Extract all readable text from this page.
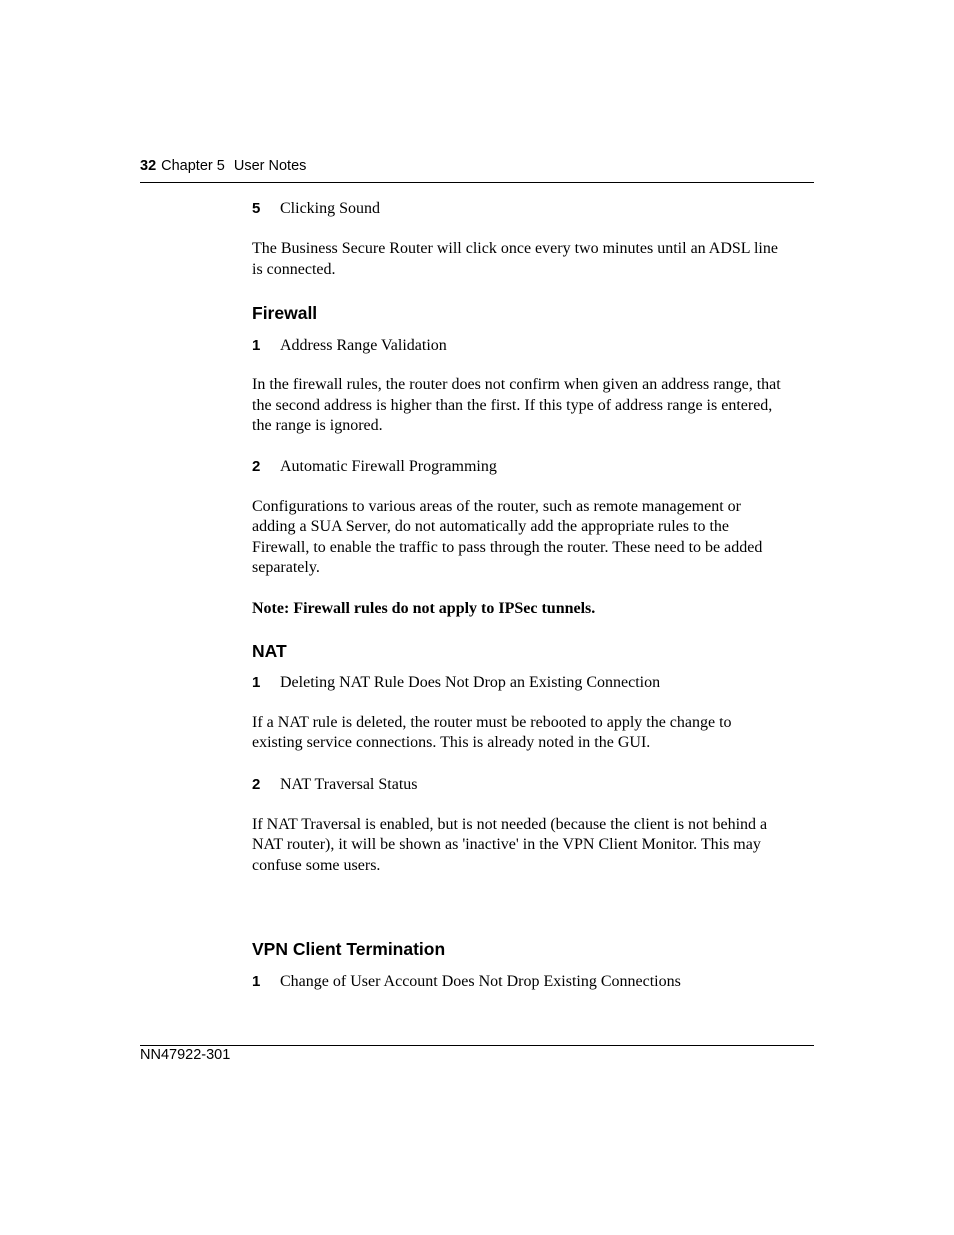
32 Chapter 5 User Notes
5 Clicking Sound
The Business Secure Router will click once every two minutes until an ADSL line
is connected.
Firewall
1 Address Range Validation
In the firewall rules, the router does not confirm when given an address range, that
the second address is higher than the first. If this type of address range is entered,
the range is ignored.
2 Automatic Firewall Programming
Configurations to various areas of the router, such as remote management or
adding a SUA Server, do not automatically add the appropriate rules to the
Firewall, to enable the traffic to pass through the router. These need to be added
separately.
Note: Firewall rules do not apply to IPSec tunnels.
NAT
1 Deleting NAT Rule Does Not Drop an Existing Connection
If a NAT rule is deleted, the router must be rebooted to apply the change to
existing service connections. This is already noted in the GUI.
2 NAT Traversal Status
If NAT Traversal is enabled, but is not needed (because the client is not behind a
NAT router), it will be shown as 'inactive' in the VPN Client Monitor. This may
confuse some users.
VPN Client Termination
1 Change of User Account Does Not Drop Existing Connections
NN47922-301
